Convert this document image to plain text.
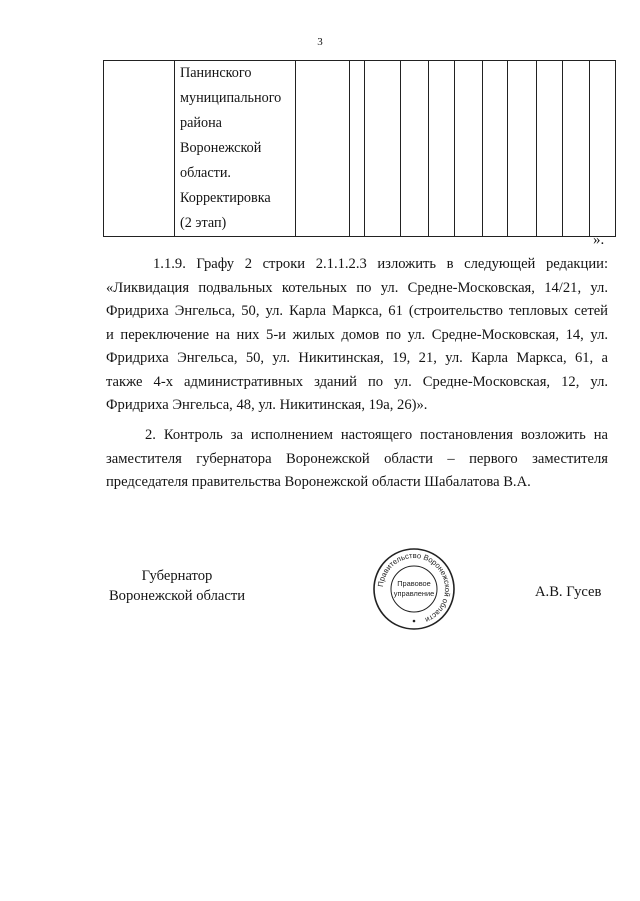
3

Панинского
муниципального
района
Воронежской
области.
Корректировка
(2 этап)

».
1.1.9. Графу 2 строки 2.1.1.2.3 изложить в следующей редакции:
«Ликвидация подвальных котельных по ул. Средне-Московская, 14/21, ул.
Фридриха Энгельса, 50, ул. Карла Маркса, 61 (строительство тепловых сетей
и переключение на них 5-и жилых домов по ул. Средне-Московская, 14, ул.
Фридриха Энгельса, 50, ул. Никитинская, 19, 21, ул. Карла Маркса, 61, а
также 4-х административных зданий по ул. Средне-Московская, 12, ул.
Фридриха Энгельса, 48, ул. Никитинская, 19а, 26)».
2. Контроль за исполнением настоящего постановления возложить на
заместителя губернатора Воронежской области – первого заместителя
председателя правительства Воронежской области Шабалатова В.А.
Губернатор
Воронежской области
Правительство Воронежской области
Правовое
управление	А.В. Гусев
